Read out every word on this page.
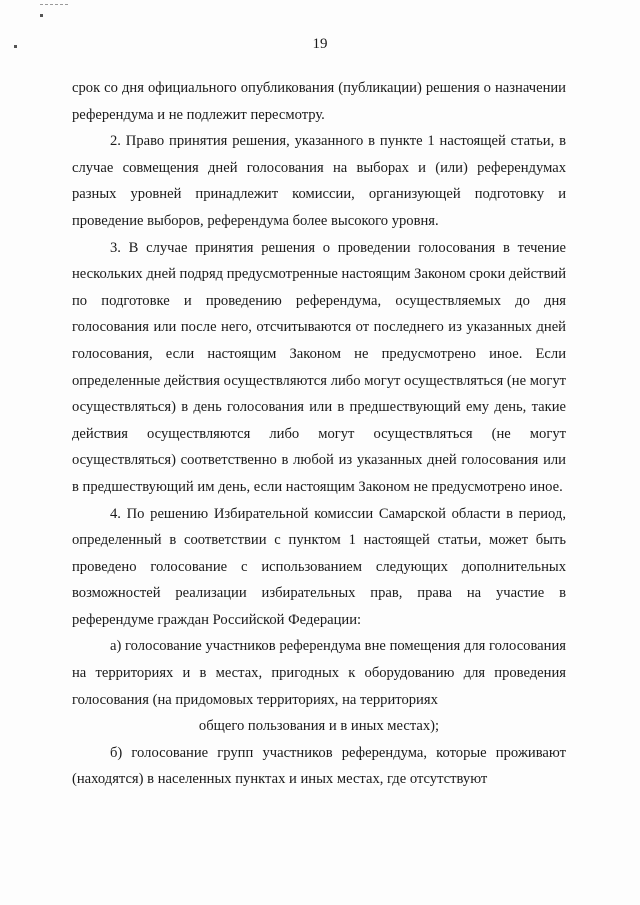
19

срок со дня официального опубликования (публикации) решения о назначении референдума и не подлежит пересмотру.

2. Право принятия решения, указанного в пункте 1 настоящей статьи, в случае совмещения дней голосования на выборах и (или) референдумах разных уровней принадлежит комиссии, организующей подготовку и проведение выборов, референдума более высокого уровня.

3. В случае принятия решения о проведении голосования в течение нескольких дней подряд предусмотренные настоящим Законом сроки действий по подготовке и проведению референдума, осуществляемых до дня голосования или после него, отсчитываются от последнего из указанных дней голосования, если настоящим Законом не предусмотрено иное. Если определенные действия осуществляются либо могут осуществляться (не могут осуществляться) в день голосования или в предшествующий ему день, такие действия осуществляются либо могут осуществляться (не могут осуществляться) соответственно в любой из указанных дней голосования или в предшествующий им день, если настоящим Законом не предусмотрено иное.

4. По решению Избирательной комиссии Самарской области в период, определенный в соответствии с пунктом 1 настоящей статьи, может быть проведено голосование с использованием следующих дополнительных возможностей реализации избирательных прав, права на участие в референдуме граждан Российской Федерации:

а) голосование участников референдума вне помещения для голосования на территориях и в местах, пригодных к оборудованию для проведения голосования (на придомовых территориях, на территориях
общего пользования и в иных местах);

б) голосование групп участников референдума, которые проживают (находятся) в населенных пунктах и иных местах, где отсутствуют
